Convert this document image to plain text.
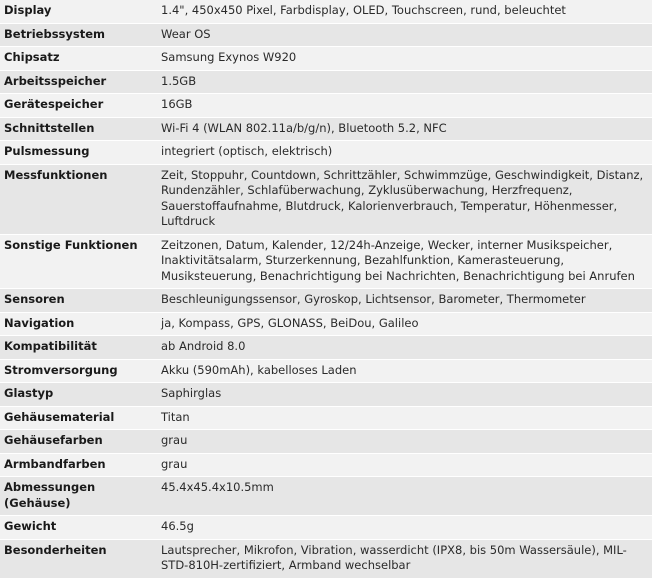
Display	1.4", 450x450 Pixel, Farbdisplay, OLED, Touchscreen, rund, beleuchtet
Betriebssystem	Wear OS
Chipsatz	Samsung Exynos W920
Arbeitsspeicher	1.5GB
Gerätespeicher	16GB
Schnittstellen	Wi-Fi 4 (WLAN 802.11a/b/g/n), Bluetooth 5.2, NFC
Pulsmessung	integriert (optisch, elektrisch)
Messfunktionen	Zeit, Stoppuhr, Countdown, Schrittzähler, Schwimmzüge, Geschwindigkeit, Distanz, Rundenzähler, Schlafüberwachung, Zyklusüberwachung, Herzfrequenz, Sauerstoffaufnahme, Blutdruck, Kalorienverbrauch, Temperatur, Höhenmesser, Luftdruck
Sonstige Funktionen	Zeitzonen, Datum, Kalender, 12/24h-Anzeige, Wecker, interner Musikspeicher, Inaktivitätsalarm, Sturzerkennung, Bezahlfunktion, Kamerasteuerung, Musiksteuerung, Benachrichtigung bei Nachrichten, Benachrichtigung bei Anrufen
Sensoren	Beschleunigungssensor, Gyroskop, Lichtsensor, Barometer, Thermometer
Navigation	ja, Kompass, GPS, GLONASS, BeiDou, Galileo
Kompatibilität	ab Android 8.0
Stromversorgung	Akku (590mAh), kabelloses Laden
Glastyp	Saphirglas
Gehäusematerial	Titan
Gehäusefarben	grau
Armbandfarben	grau
Abmessungen (Gehäuse)	45.4x45.4x10.5mm
Gewicht	46.5g
Besonderheiten	Lautsprecher, Mikrofon, Vibration, wasserdicht (IPX8, bis 50m Wassersäule), MIL-STD-810H-zertifiziert, Armband wechselbar
